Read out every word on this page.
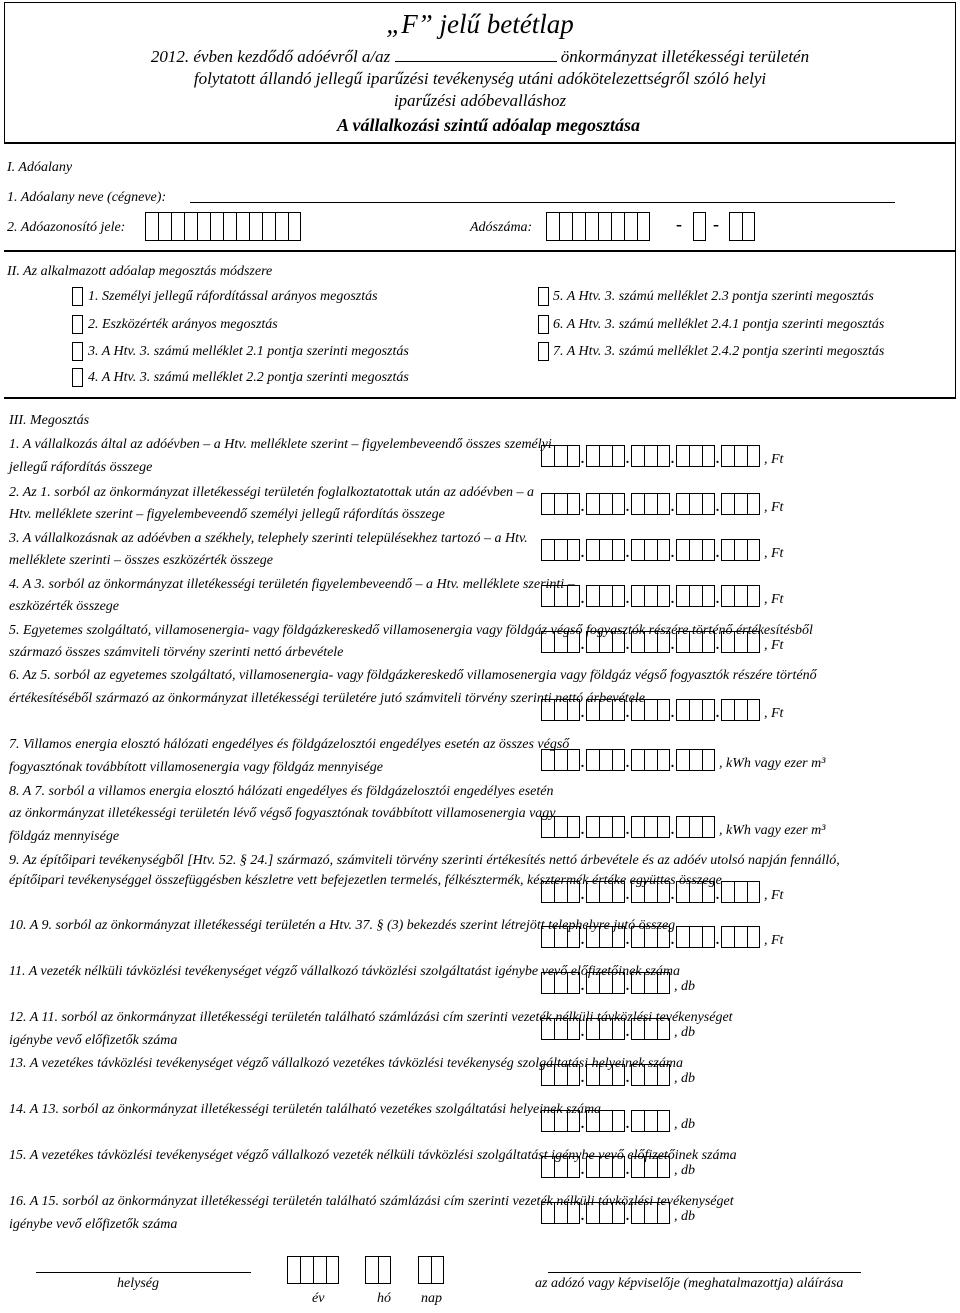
„F” jelű betétlap
2012. évben kezdődő adóévről a/az	önkormányzat illetékességi területén
folytatott állandó jellegű iparűzési tevékenység utáni adókötelezettségről szóló helyi
iparűzési adóbevalláshoz
A vállalkozási szintű adóalap megosztása
I. Adóalany
1. Adóalany neve (cégneve):
2. Adóazonosító jele:	Adószáma:	- -
II. Az alkalmazott adóalap megosztás módszere
1. Személyi jellegű ráfordítással arányos megosztás
2. Eszközérték arányos megosztás
3. A Htv. 3. számú melléklet 2.1 pontja szerinti megosztás
4. A Htv. 3. számú melléklet 2.2 pontja szerinti megosztás
5. A Htv. 3. számú melléklet 2.3 pontja szerinti megosztás
6. A Htv. 3. számú melléklet 2.4.1 pontja szerinti megosztás
7. A Htv. 3. számú melléklet 2.4.2 pontja szerinti megosztás
III. Megosztás
1. A vállalkozás által az adóévben – a Htv. melléklete szerint – figyelembeveendő összes személyi
jellegű ráfordítás összege
.	.	.	.	, Ft
2. Az 1. sorból az önkormányzat illetékességi területén foglalkoztatottak után az adóévben – a
Htv. melléklete szerint – figyelembeveendő személyi jellegű ráfordítás összege	.	.	.	.	, Ft
3. A vállalkozásnak az adóévben a székhely, telephely szerinti településekhez tartozó – a Htv.
melléklete szerinti – összes eszközérték összege	.	.	.	.	, Ft
4. A 3. sorból az önkormányzat illetékességi területén figyelembeveendő – a Htv. melléklete szerinti –
eszközérték összege	.	.	.	.	, Ft
5. Egyetemes szolgáltató, villamosenergia- vagy földgázkereskedő villamosenergia vagy földgáz végső fogyasztók részére történő értékesítésből
származó összes számviteli törvény szerinti nettó árbevétele	.	.	.	.	, Ft
6. Az 5. sorból az egyetemes szolgáltató, villamosenergia- vagy földgázkereskedő villamosenergia vagy földgáz végső fogyasztók részére történő
értékesítéséből származó az önkormányzat illetékességi területére jutó számviteli törvény szerinti nettó árbevétele
.	.	.	.	, Ft
7. Villamos energia elosztó hálózati engedélyes és földgázelosztói engedélyes esetén az összes végső
fogyasztónak továbbított villamosenergia vagy földgáz mennyisége	.	.	.	, kWh vagy ezer m³
8. A 7. sorból a villamos energia elosztó hálózati engedélyes és földgázelosztói engedélyes esetén
az önkormányzat illetékességi területén lévő végső fogyasztónak továbbított villamosenergia vagy
földgáz mennyisége	.	.	.	, kWh vagy ezer m³
9. Az építőipari tevékenységből [Htv. 52. § 24.] származó, számviteli törvény szerinti értékesítés nettó árbevétele és az adóév utolsó napján fennálló,
építőipari tevékenységgel összefüggésben készletre vett befejezetlen termelés, félkésztermék, késztermék értéke együttes összege
.	.	.	.	, Ft
10. A 9. sorból az önkormányzat illetékességi területén a Htv. 37. § (3) bekezdés szerint létrejött telephelyre jutó összeg
.	.	.	.	, Ft
11. A vezeték nélküli távközlési tevékenységet végző vállalkozó távközlési szolgáltatást igénybe vevő előfizetőinek száma
.	.	, db
12. A 11. sorból az önkormányzat illetékességi területén található számlázási cím szerinti vezeték nélküli távközlési tevékenységet
igénybe vevő előfizetők száma
.	.	, db
13. A vezetékes távközlési tevékenységet végző vállalkozó vezetékes távközlési tevékenység szolgáltatási helyeinek száma
.	.	, db
14. A 13. sorból az önkormányzat illetékességi területén található vezetékes szolgáltatási helyeinek száma
.	.	, db
15. A vezetékes távközlési tevékenységet végző vállalkozó vezeték nélküli távközlési szolgáltatást igénybe vevő előfizetőinek száma
.	.	, db
16. A 15. sorból az önkormányzat illetékességi területén található számlázási cím szerinti vezeték nélküli távközlési tevékenységet
igénybe vevő előfizetők száma
.	.	, db
helység
év	hó nap
az adózó vagy képviselője (meghatalmazottja) aláírása
